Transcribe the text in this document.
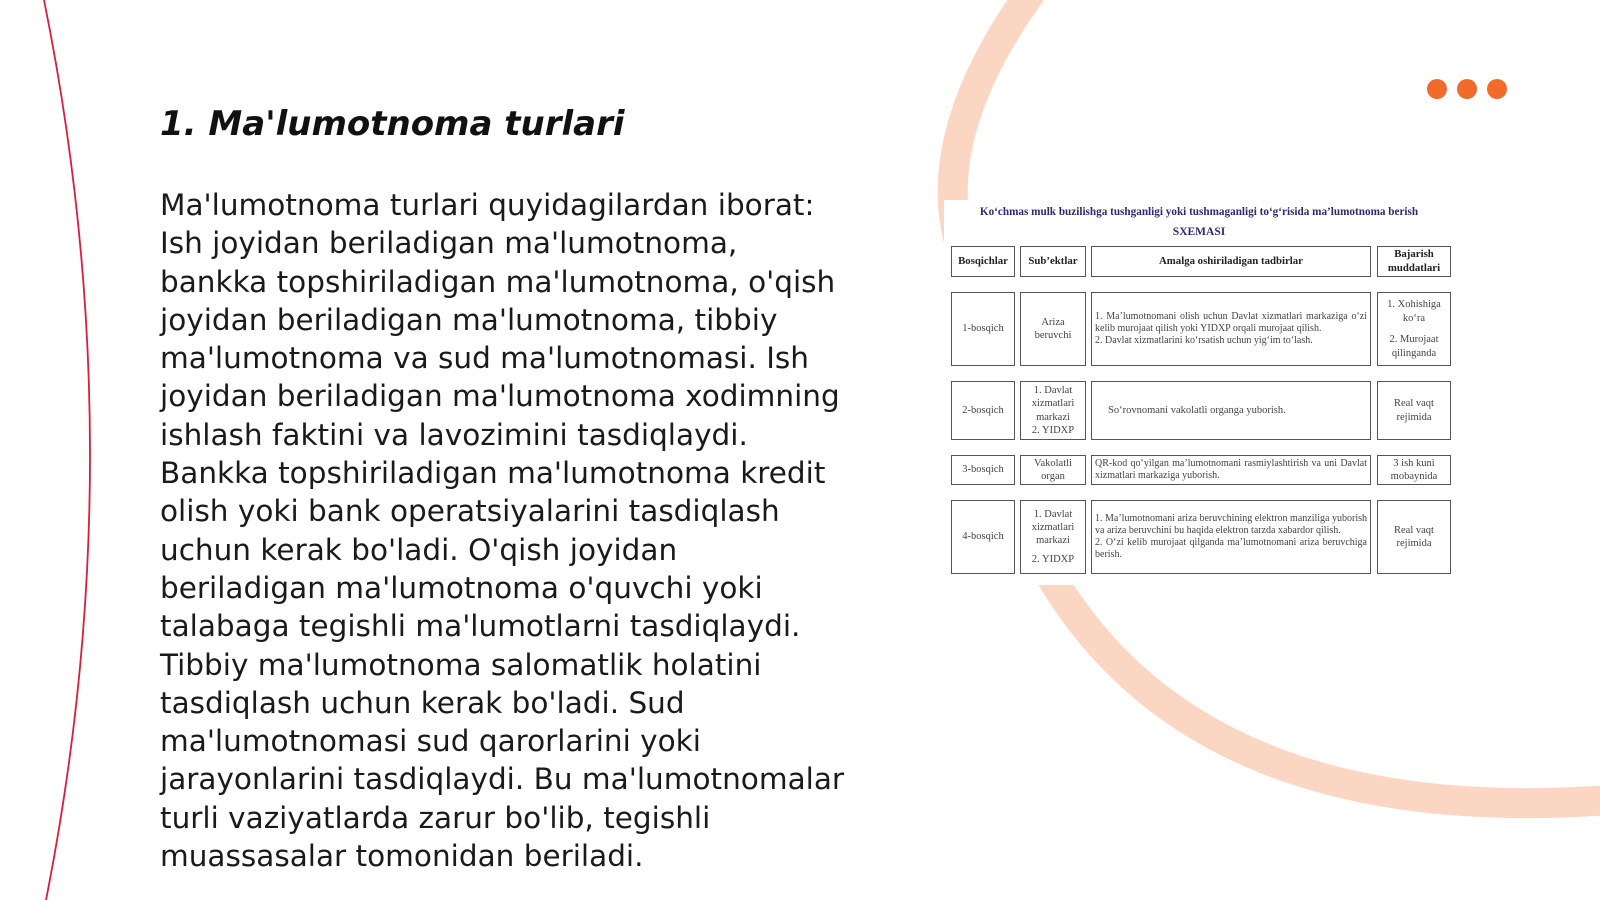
1. Ma'lumotnoma turlari

Ma'lumotnoma turlari quyidagilardan iborat: Ish joyidan beriladigan ma'lumotnoma, bankka topshiriladigan ma'lumotnoma, o'qish joyidan beriladigan ma'lumotnoma, tibbiy ma'lumotnoma va sud ma'lumotnomasi. Ish joyidan beriladigan ma'lumotnoma xodimning ishlash faktini va lavozimini tasdiqlaydi. Bankka topshiriladigan ma'lumotnoma kredit olish yoki bank operatsiyalarini tasdiqlash uchun kerak bo'ladi. O'qish joyidan beriladigan ma'lumotnoma o'quvchi yoki talabaga tegishli ma'lumotlarni tasdiqlaydi. Tibbiy ma'lumotnoma salomatlik holatini tasdiqlash uchun kerak bo'ladi. Sud ma'lumotnomasi sud qarorlarini yoki jarayonlarini tasdiqlaydi. Bu ma'lumotnomalar turli vaziyatlarda zarur bo'lib, tegishli muassasalar tomonidan beriladi.

Ko‘chmas mulk buzilishga tushganligi yoki tushmaganligi to‘g‘risida ma’lumotnoma berish
SXEMASI
Bosqichlar	Sub’ektlar	Amalga oshiriladigan tadbirlar
Bajarish muddatlari
1-bosqich
Ariza beruvchi
1. Ma’lumotnomani olish uchun Davlat xizmatlari markaziga o‘zi kelib murojaat qilish yoki YIDXP orqali murojaat qilish.
2. Davlat xizmatlarini ko‘rsatish uchun yig‘im to‘lash.
1. Xohishiga ko‘ra
2. Murojaat qilinganda
2-bosqich
1. Davlat xizmatlari markazi
2. YIDXP
So‘rovnomani vakolatli organga yuborish.
Real vaqt rejimida
3-bosqich
Vakolatli organ
QR-kod qo‘yilgan ma’lumotnomani rasmiylashtirish va uni Davlat xizmatlari markaziga yuborish.
3 ish kuni mobaynida
4-bosqich
1. Davlat xizmatlari markazi
2. YIDXP
1. Ma’lumotnomani ariza beruvchining elektron manziliga yuborish va ariza beruvchini bu haqida elektron tarzda xabardor qilish.
2. O‘zi kelib murojaat qilganda ma’lumotnomani ariza beruvchiga berish.
Real vaqt rejimida
